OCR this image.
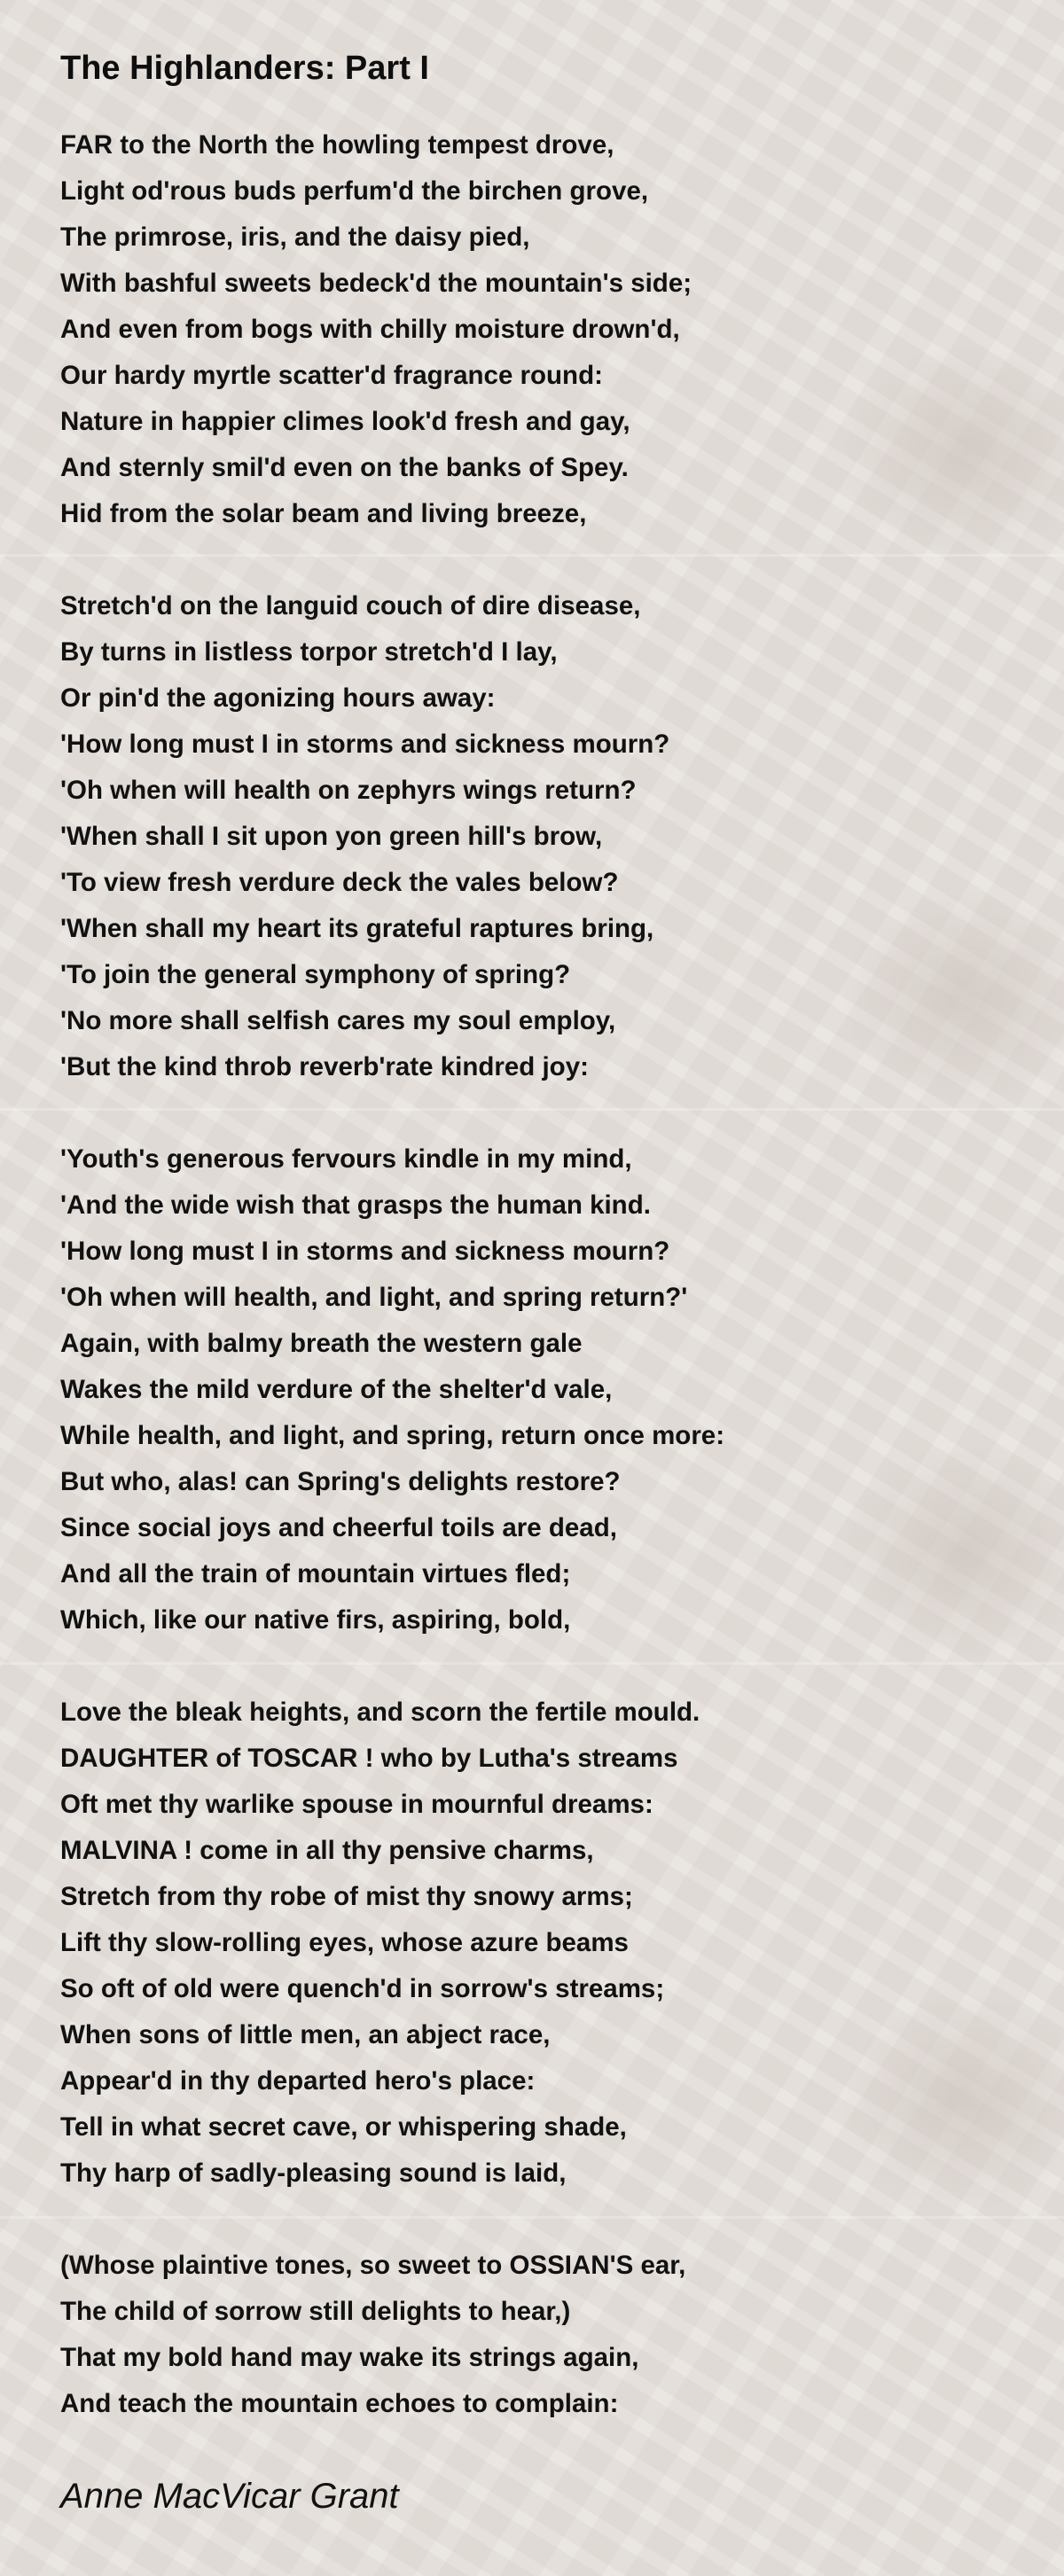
The Highlanders: Part I
FAR to the North the howling tempest drove,
Light od'rous buds perfum'd the birchen grove,
The primrose, iris, and the daisy pied,
With bashful sweets bedeck'd the mountain's side;
And even from bogs with chilly moisture drown'd,
Our hardy myrtle scatter'd fragrance round:
Nature in happier climes look'd fresh and gay,
And sternly smil'd even on the banks of Spey.
Hid from the solar beam and living breeze,
Stretch'd on the languid couch of dire disease,
By turns in listless torpor stretch'd I lay,
Or pin'd the agonizing hours away:
'How long must I in storms and sickness mourn?
'Oh when will health on zephyrs wings return?
'When shall I sit upon yon green hill's brow,
'To view fresh verdure deck the vales below?
'When shall my heart its grateful raptures bring,
'To join the general symphony of spring?
'No more shall selfish cares my soul employ,
'But the kind throb reverb'rate kindred joy:
'Youth's generous fervours kindle in my mind,
'And the wide wish that grasps the human kind.
'How long must I in storms and sickness mourn?
'Oh when will health, and light, and spring return?'
Again, with balmy breath the western gale
Wakes the mild verdure of the shelter'd vale,
While health, and light, and spring, return once more:
But who, alas! can Spring's delights restore?
Since social joys and cheerful toils are dead,
And all the train of mountain virtues fled;
Which, like our native firs, aspiring, bold,
Love the bleak heights, and scorn the fertile mould.
DAUGHTER of TOSCAR ! who by Lutha's streams
Oft met thy warlike spouse in mournful dreams:
MALVINA ! come in all thy pensive charms,
Stretch from thy robe of mist thy snowy arms;
Lift thy slow-rolling eyes, whose azure beams
So oft of old were quench'd in sorrow's streams;
When sons of little men, an abject race,
Appear'd in thy departed hero's place:
Tell in what secret cave, or whispering shade,
Thy harp of sadly-pleasing sound is laid,
(Whose plaintive tones, so sweet to OSSIAN'S ear,
The child of sorrow still delights to hear,)
That my bold hand may wake its strings again,
And teach the mountain echoes to complain:
Anne MacVicar Grant
